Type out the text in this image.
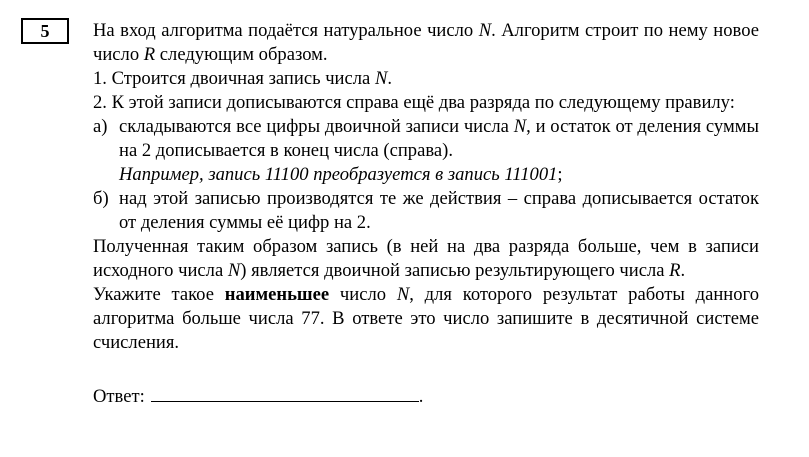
5	На вход алгоритма подаётся натуральное число N. Алгоритм строит по нему новое число R следующим образом.
1. Строится двоичная запись числа N.
2. К этой записи дописываются справа ещё два разряда по следующему правилу:
а) складываются все цифры двоичной записи числа N, и остаток от деления суммы на 2 дописывается в конец числа (справа).
Например, запись 11100 преобразуется в запись 111001;
б) над этой записью производятся те же действия – справа дописывается остаток от деления суммы её цифр на 2.
Полученная таким образом запись (в ней на два разряда больше, чем в записи исходного числа N) является двоичной записью результирующего числа R.
Укажите такое наименьшее число N, для которого результат работы данного алгоритма больше числа 77. В ответе это число запишите в десятичной системе счисления.
Ответ:	.
